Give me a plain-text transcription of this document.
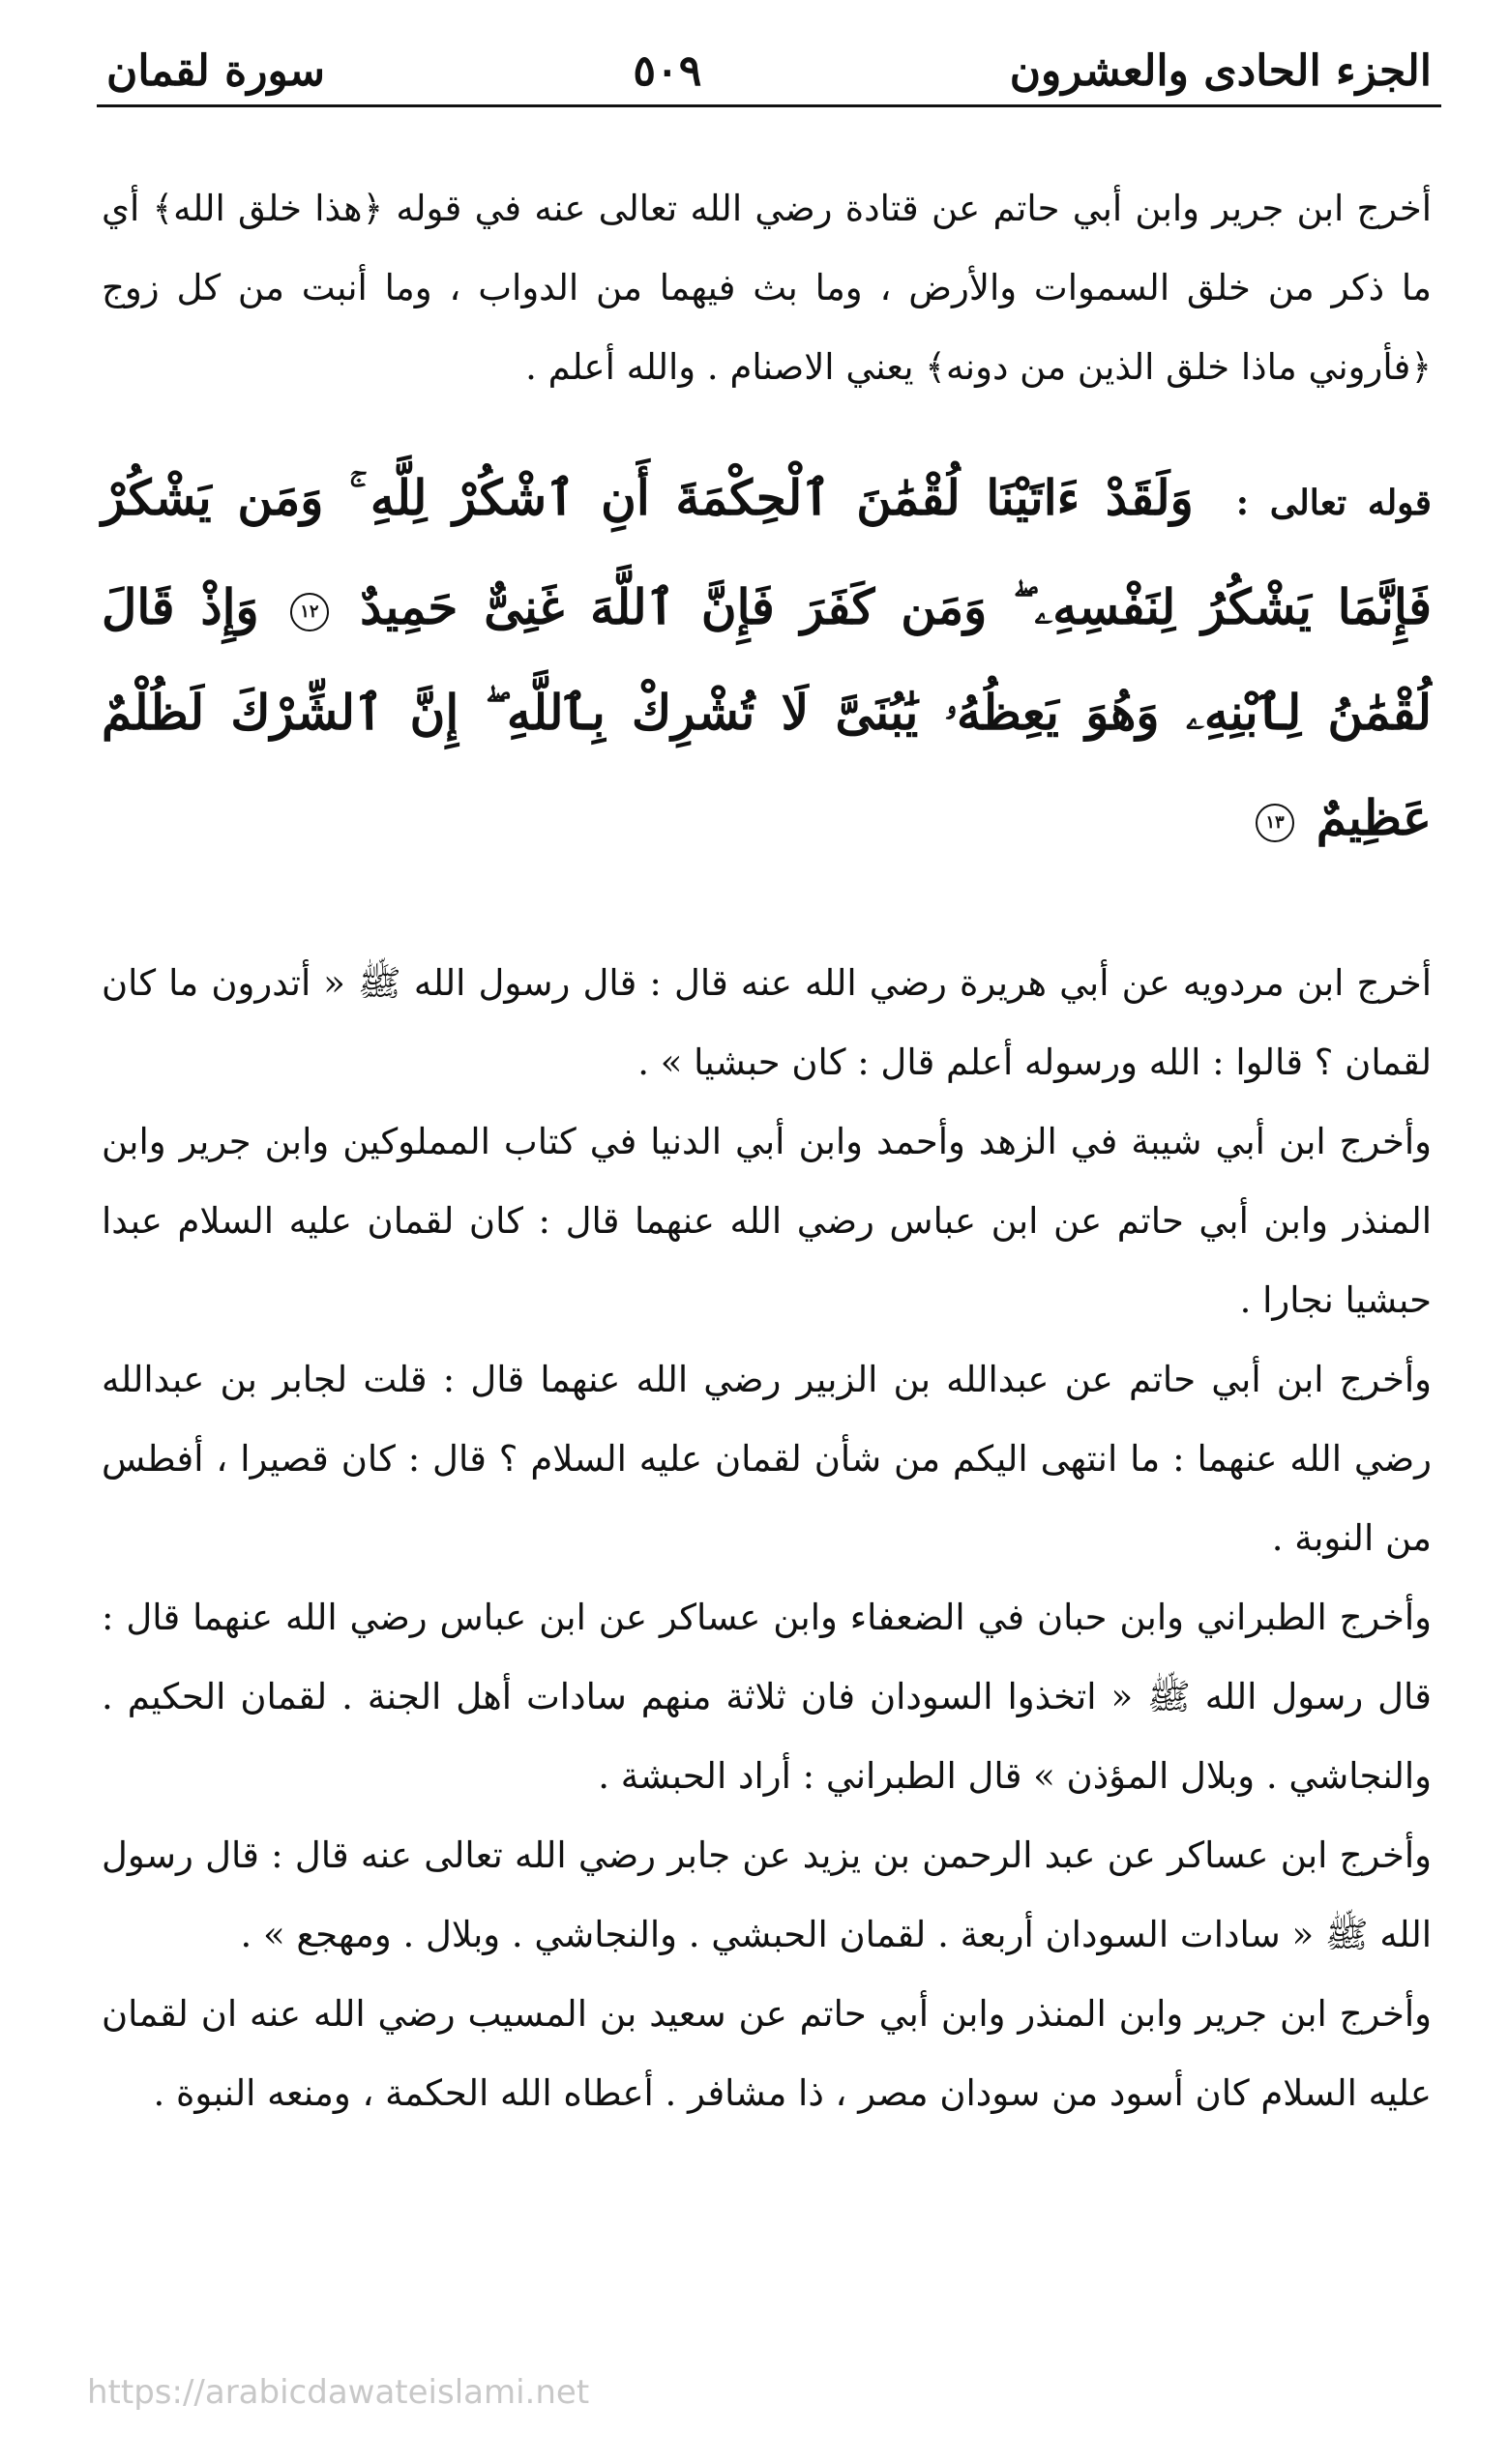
الجزء الحادى والعشرون
٥٠٩
سورة لقمان

أخرج ابن جرير وابن أبي حاتم عن قتادة رضي الله تعالى عنه في قوله ﴿هذا خلق الله﴾ أي ما ذكر من خلق السموات والأرض ، وما بث فيهما من الدواب ، وما أنبت من كل زوج ﴿فأروني ماذا خلق الذين من دونه﴾ يعني الاصنام . والله أعلم .

قوله تعالى : وَلَقَدْ ءَاتَيْنَا لُقْمَٰنَ ٱلْحِكْمَةَ أَنِ ٱشْكُرْ لِلَّهِ ۚ وَمَن يَشْكُرْ فَإِنَّمَا يَشْكُرُ لِنَفْسِهِۦ ۖ وَمَن كَفَرَ فَإِنَّ ٱللَّهَ غَنِىٌّ حَمِيدٌ ١٢ وَإِذْ قَالَ لُقْمَٰنُ لِٱبْنِهِۦ وَهُوَ يَعِظُهُۥ يَٰبُنَىَّ لَا تُشْرِكْ بِٱللَّهِ ۖ إِنَّ ٱلشِّرْكَ لَظُلْمٌ عَظِيمٌ ١٣

أخرج ابن مردويه عن أبي هريرة رضي الله عنه قال : قال رسول الله ﷺ « أتدرون ما كان لقمان ؟ قالوا : الله ورسوله أعلم قال : كان حبشيا » .

وأخرج ابن أبي شيبة في الزهد وأحمد وابن أبي الدنيا في كتاب المملوكين وابن جرير وابن المنذر وابن أبي حاتم عن ابن عباس رضي الله عنهما قال : كان لقمان عليه السلام عبدا حبشيا نجارا .

وأخرج ابن أبي حاتم عن عبدالله بن الزبير رضي الله عنهما قال : قلت لجابر بن عبدالله رضي الله عنهما : ما انتهى اليكم من شأن لقمان عليه السلام ؟ قال : كان قصيرا ، أفطس من النوبة .

وأخرج الطبراني وابن حبان في الضعفاء وابن عساكر عن ابن عباس رضي الله عنهما قال : قال رسول الله ﷺ « اتخذوا السودان فان ثلاثة منهم سادات أهل الجنة . لقمان الحكيم . والنجاشي . وبلال المؤذن » قال الطبراني : أراد الحبشة .

وأخرج ابن عساكر عن عبد الرحمن بن يزيد عن جابر رضي الله تعالى عنه قال : قال رسول الله ﷺ « سادات السودان أربعة . لقمان الحبشي . والنجاشي . وبلال . ومهجع » .

وأخرج ابن جرير وابن المنذر وابن أبي حاتم عن سعيد بن المسيب رضي الله عنه ان لقمان عليه السلام كان أسود من سودان مصر ، ذا مشافر . أعطاه الله الحكمة ، ومنعه النبوة .

https://arabicdawateislami.net
